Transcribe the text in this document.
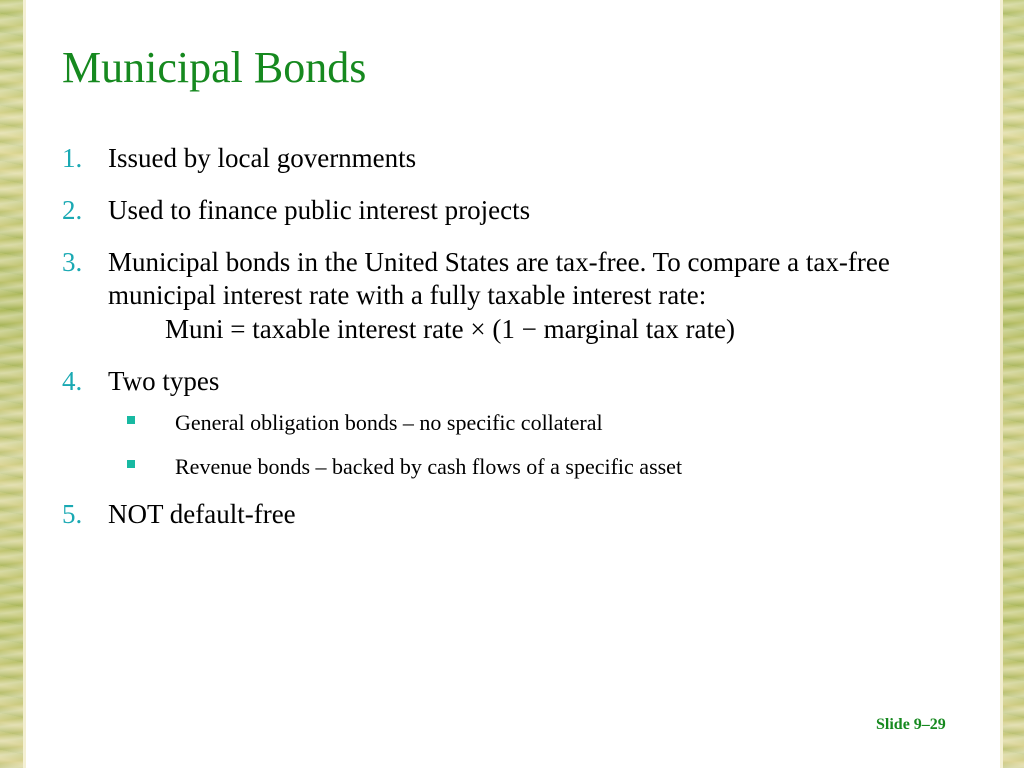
Municipal Bonds
1. Issued by local governments
2. Used to finance public interest projects
3. Municipal bonds in the United States are tax-free. To compare a tax-free municipal interest rate with a fully taxable interest rate:
Muni = taxable interest rate × (1 − marginal tax rate)
4. Two types
General obligation bonds – no specific collateral
Revenue bonds – backed by cash flows of a specific asset
5. NOT default-free
Slide 9–29
